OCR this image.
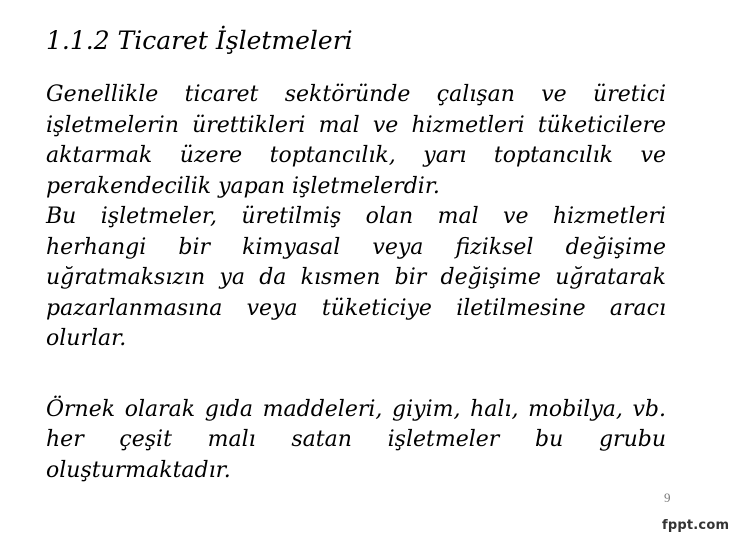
1.1.2 Ticaret İşletmeleri

Genellikle ticaret sektöründe çalışan ve üretici işletmelerin ürettikleri mal ve hizmetleri tüketicilere aktarmak üzere toptancılık, yarı toptancılık ve perakendecilik yapan işletmelerdir.

Bu işletmeler, üretilmiş olan mal ve hizmetleri herhangi bir kimyasal veya fiziksel değişime uğratmaksızın ya da kısmen bir değişime uğratarak pazarlanmasına veya tüketiciye iletilmesine aracı olurlar.

Örnek olarak gıda maddeleri, giyim, halı, mobilya, vb. her çeşit malı satan işletmeler bu grubu oluşturmaktadır.

9
fppt.com
